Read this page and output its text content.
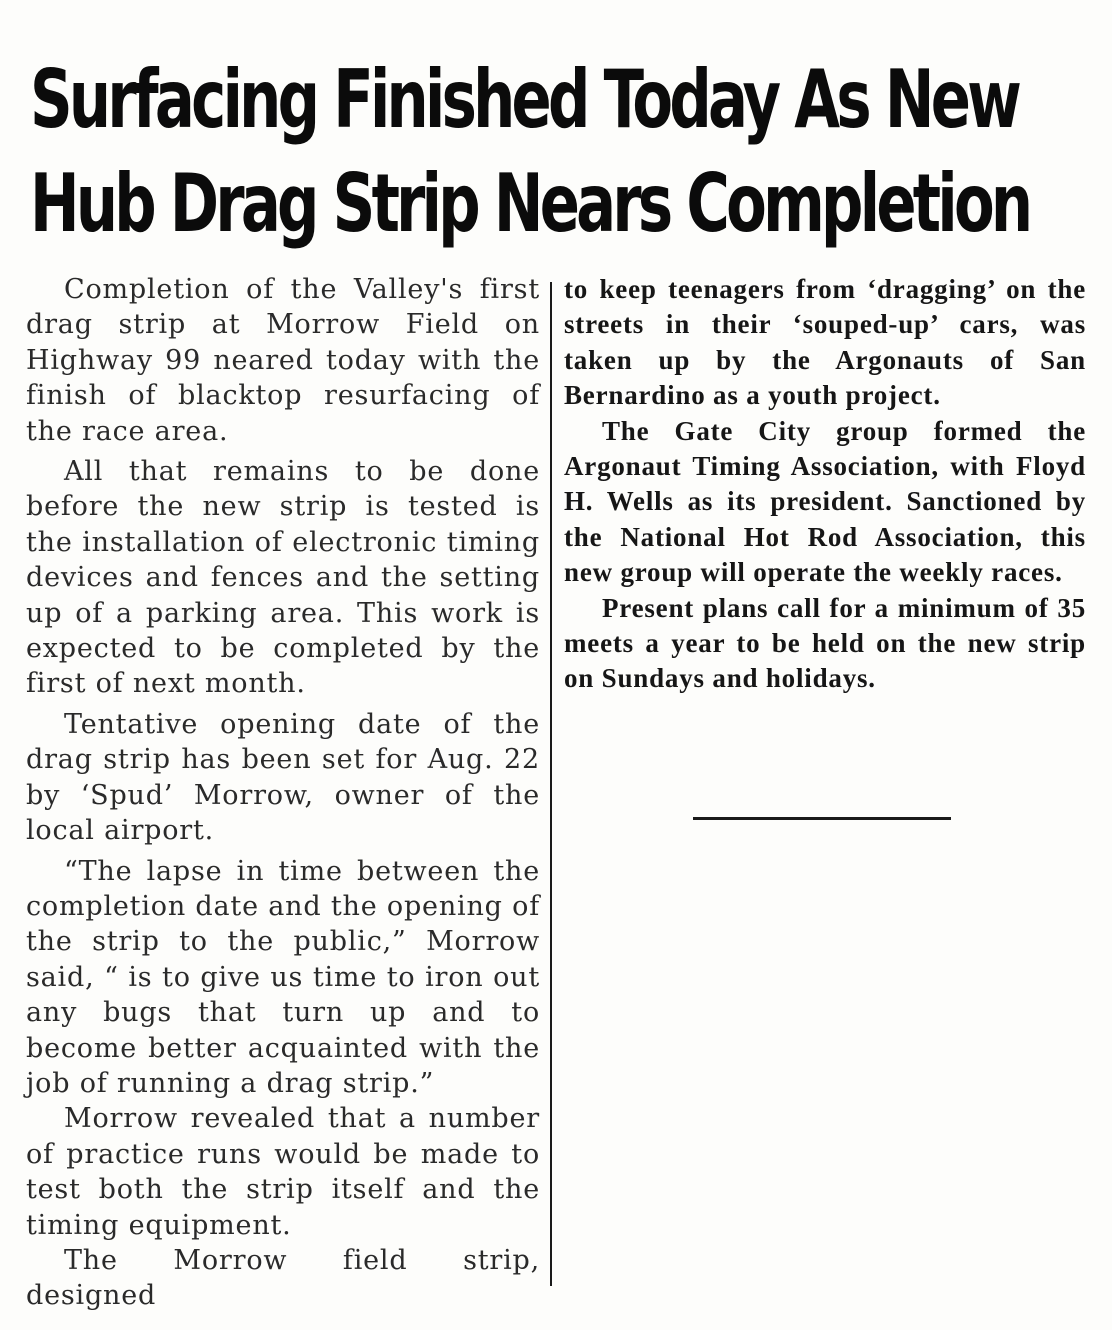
Surfacing Finished Today As New
Hub Drag Strip Nears Completion

Completion of the Valley's first drag strip at Morrow Field on Highway 99 neared today with the finish of blacktop resurfacing of the race area.

All that remains to be done before the new strip is tested is the installation of electronic timing devices and fences and the setting up of a parking area. This work is expected to be completed by the first of next month.

Tentative opening date of the drag strip has been set for Aug. 22 by ‘Spud’ Morrow, owner of the local airport.

“The lapse in time between the completion date and the opening of the strip to the public,” Morrow said, “ is to give us time to iron out any bugs that turn up and to become better acquainted with the job of running a drag strip.”

Morrow revealed that a number of practice runs would be made to test both the strip itself and the timing equipment.

The Morrow field strip, designed

to keep teenagers from ‘dragging’ on the streets in their ‘souped-up’ cars, was taken up by the Argonauts of San Bernardino as a youth project.

The Gate City group formed the Argonaut Timing Association, with Floyd H. Wells as its president. Sanctioned by the National Hot Rod Association, this new group will operate the weekly races.

Present plans call for a minimum of 35 meets a year to be held on the new strip on Sundays and holidays.
